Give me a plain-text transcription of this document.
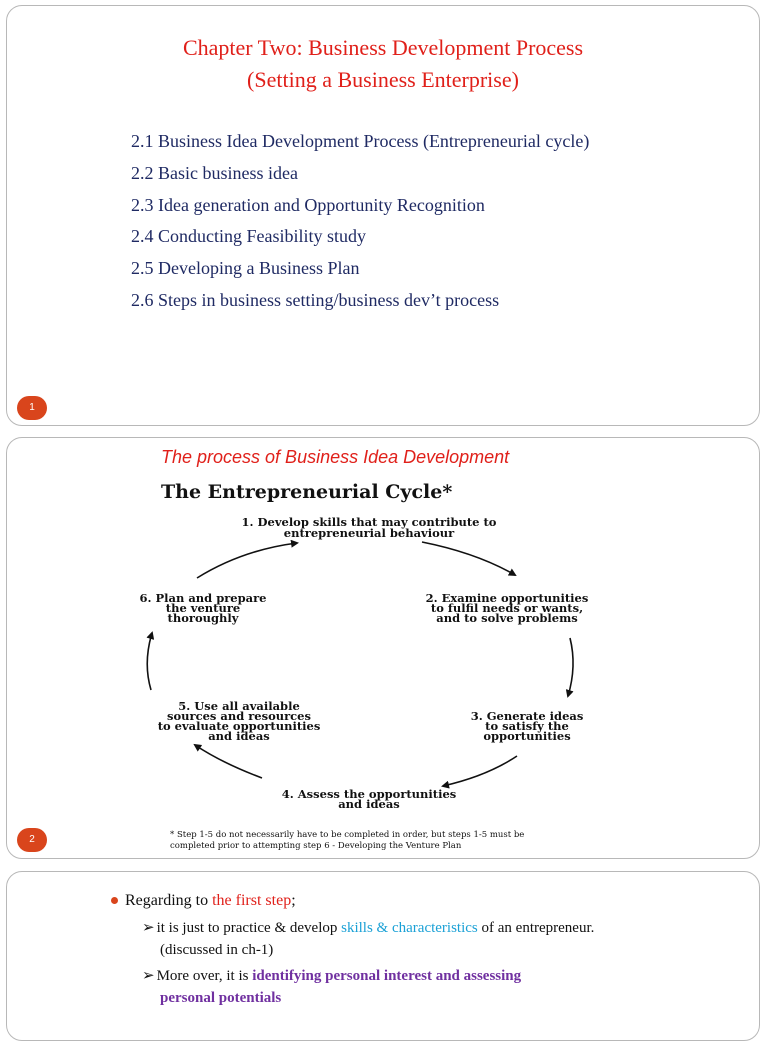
Chapter Two: Business Development Process
(Setting a Business Enterprise)
2.1 Business Idea Development Process (Entrepreneurial cycle)
2.2 Basic business idea
2.3 Idea generation and Opportunity Recognition
2.4 Conducting Feasibility study
2.5 Developing a Business Plan
2.6 Steps in business setting/business dev’t process
1
The process of Business Idea Development
The Entrepreneurial Cycle*
1. Develop skills that may contribute to
entrepreneurial behaviour
2. Examine opportunities
to fulfil needs or wants,
and to solve problems
3. Generate ideas
to satisfy the
opportunities
4. Assess the opportunities
and ideas
5. Use all available
sources and resources
to evaluate opportunities
and ideas
6. Plan and prepare
the venture
thoroughly
* Step 1-5 do not necessarily have to be completed in order, but steps 1-5 must be
completed prior to attempting step 6 - Developing the Venture Plan
2
Regarding to the first step;
➢ it is just to practice & develop skills & characteristics of an entrepreneur.
(discussed in ch-1)
➢ More over, it is identifying personal interest and assessing
personal potentials
